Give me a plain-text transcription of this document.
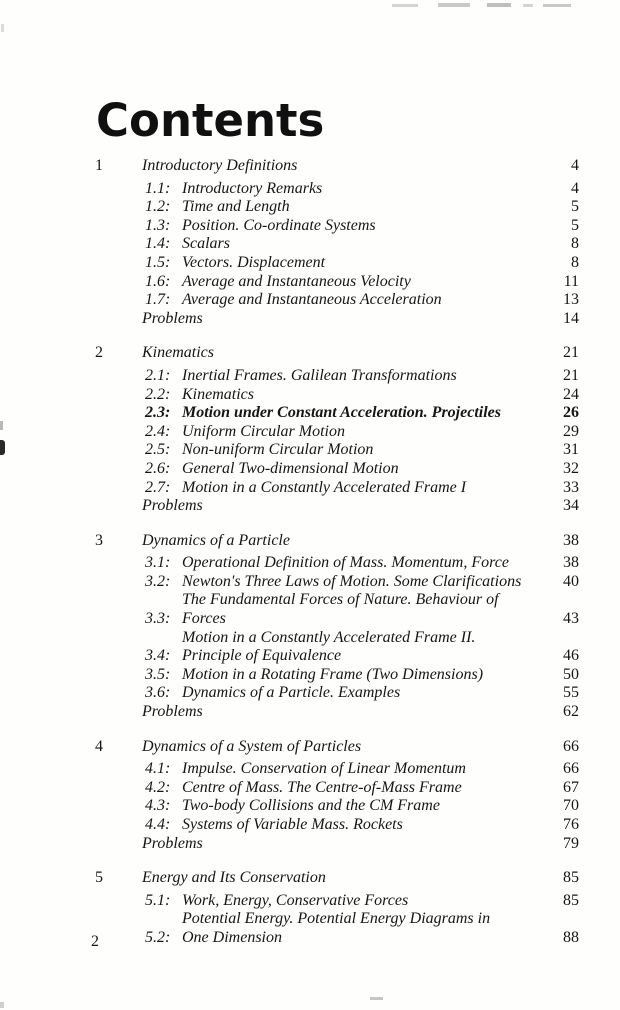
Contents
1	Introductory Definitions	4
1.1: Introductory Remarks	4
1.2: Time and Length	5
1.3: Position. Co-ordinate Systems	5
1.4: Scalars	8
1.5: Vectors. Displacement	8
1.6: Average and Instantaneous Velocity	11
1.7: Average and Instantaneous Acceleration	13
Problems	14
2	Kinematics	21
2.1: Inertial Frames. Galilean Transformations	21
2.2: Kinematics	24
2.3: Motion under Constant Acceleration. Projectiles	26
2.4: Uniform Circular Motion	29
2.5: Non-uniform Circular Motion	31
2.6: General Two-dimensional Motion	32
2.7: Motion in a Constantly Accelerated Frame I	33
Problems	34
3	Dynamics of a Particle	38
3.1: Operational Definition of Mass. Momentum, Force	38
3.2: Newton's Three Laws of Motion. Some Clarifications	40
3.3:
The Fundamental Forces of Nature. Behaviour of
Forces	43
3.4:
Motion in a Constantly Accelerated Frame II.
Principle of Equivalence	46
3.5: Motion in a Rotating Frame (Two Dimensions)	50
3.6: Dynamics of a Particle. Examples	55
Problems	62
4	Dynamics of a System of Particles	66
4.1: Impulse. Conservation of Linear Momentum	66
4.2: Centre of Mass. The Centre-of-Mass Frame	67
4.3: Two-body Collisions and the CM Frame	70
4.4: Systems of Variable Mass. Rockets	76
Problems	79
5	Energy and Its Conservation	85
5.1: Work, Energy, Conservative Forces	85
5.2:
Potential Energy. Potential Energy Diagrams in
One Dimension	88
2
